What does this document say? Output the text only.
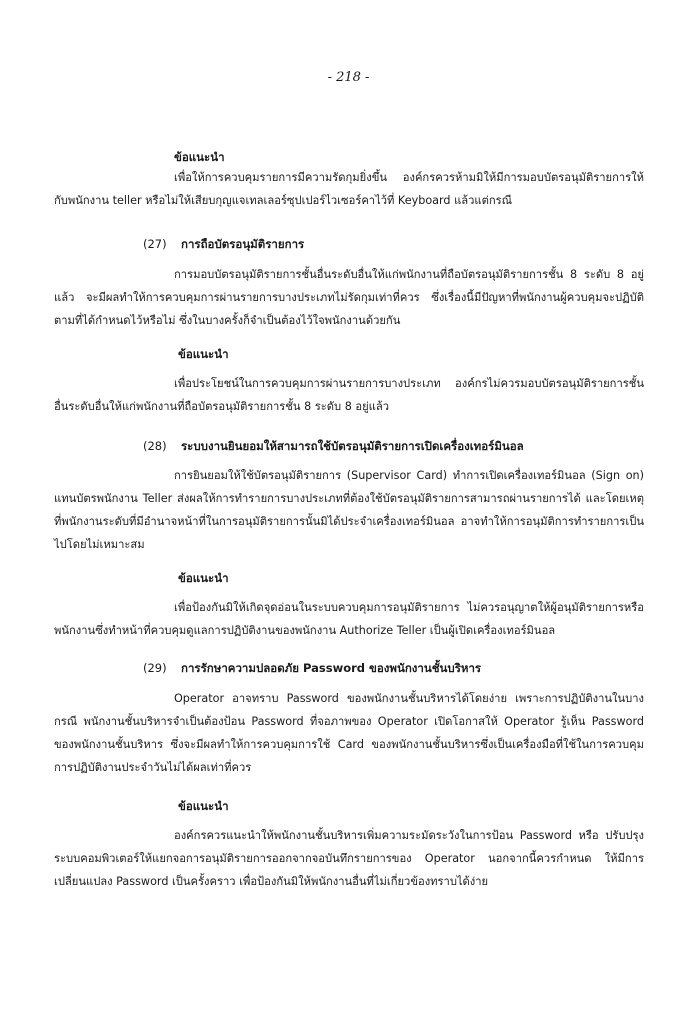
- 218 -
ข้อแนะนำ
เพื่อให้การควบคุมรายการมีความรัดกุมยิ่งขึ้น องค์กรควรห้ามมิให้มีการมอบบัตรอนุมัติรายการให้กับพนักงาน teller หรือไม่ให้เสียบกุญแจเทลเลอร์ซุปเปอร์ไวเซอร์คาไว้ที่ Keyboard แล้วแต่กรณี
(27) การถือบัตรอนุมัติรายการ
การมอบบัตรอนุมัติรายการชั้นอื่นระดับอื่นให้แก่พนักงานที่ถือบัตรอนุมัติรายการชั้น 8 ระดับ 8 อยู่แล้ว จะมีผลทำให้การควบคุมการผ่านรายการบางประเภทไม่รัดกุมเท่าที่ควร ซึ่งเรื่องนี้มีปัญหาที่พนักงานผู้ควบคุมจะปฏิบัติตามที่ได้กำหนดไว้หรือไม่ ซึ่งในบางครั้งก็จำเป็นต้องไว้ใจพนักงานด้วยกัน
ข้อแนะนำ
เพื่อประโยชน์ในการควบคุมการผ่านรายการบางประเภท องค์กรไม่ควรมอบบัตรอนุมัติรายการชั้นอื่นระดับอื่นให้แก่พนักงานที่ถือบัตรอนุมัติรายการชั้น 8 ระดับ 8 อยู่แล้ว
(28) ระบบงานยินยอมให้สามารถใช้บัตรอนุมัติรายการเปิดเครื่องเทอร์มินอล
การยินยอมให้ใช้บัตรอนุมัติรายการ (Supervisor Card) ทำการเปิดเครื่องเทอร์มินอล (Sign on) แทนบัตรพนักงาน Teller ส่งผลให้การทำรายการบางประเภทที่ต้องใช้บัตรอนุมัติรายการสามารถผ่านรายการได้ และโดยเหตุที่พนักงานระดับที่มีอำนาจหน้าที่ในการอนุมัติรายการนั้นมิได้ประจำเครื่องเทอร์มินอล อาจทำให้การอนุมัติการทำรายการเป็นไปโดยไม่เหมาะสม
ข้อแนะนำ
เพื่อป้องกันมิให้เกิดจุดอ่อนในระบบควบคุมการอนุมัติรายการ ไม่ควรอนุญาตให้ผู้อนุมัติรายการหรือพนักงานซึ่งทำหน้าที่ควบคุมดูแลการปฏิบัติงานของพนักงาน Authorize Teller เป็นผู้เปิดเครื่องเทอร์มินอล
(29) การรักษาความปลอดภัย Password ของพนักงานชั้นบริหาร
Operator อาจทราบ Password ของพนักงานชั้นบริหารได้โดยง่าย เพราะการปฏิบัติงานในบางกรณี พนักงานชั้นบริหารจำเป็นต้องป้อน Password ที่จอภาพของ Operator เปิดโอกาสให้ Operator รู้เห็น Password ของพนักงานชั้นบริหาร ซึ่งจะมีผลทำให้การควบคุมการใช้ Card ของพนักงานชั้นบริหารซึ่งเป็นเครื่องมือที่ใช้ในการควบคุมการปฏิบัติงานประจำวันไม่ได้ผลเท่าที่ควร
ข้อแนะนำ
องค์กรควรแนะนำให้พนักงานชั้นบริหารเพิ่มความระมัดระวังในการป้อน Password หรือ ปรับปรุงระบบคอมพิวเตอร์ให้แยกจอการอนุมัติรายการออกจากจอบันทึกรายการของ Operator นอกจากนี้ควรกำหนด ให้มีการเปลี่ยนแปลง Password เป็นครั้งคราว เพื่อป้องกันมิให้พนักงานอื่นที่ไม่เกี่ยวข้องทราบได้ง่าย
